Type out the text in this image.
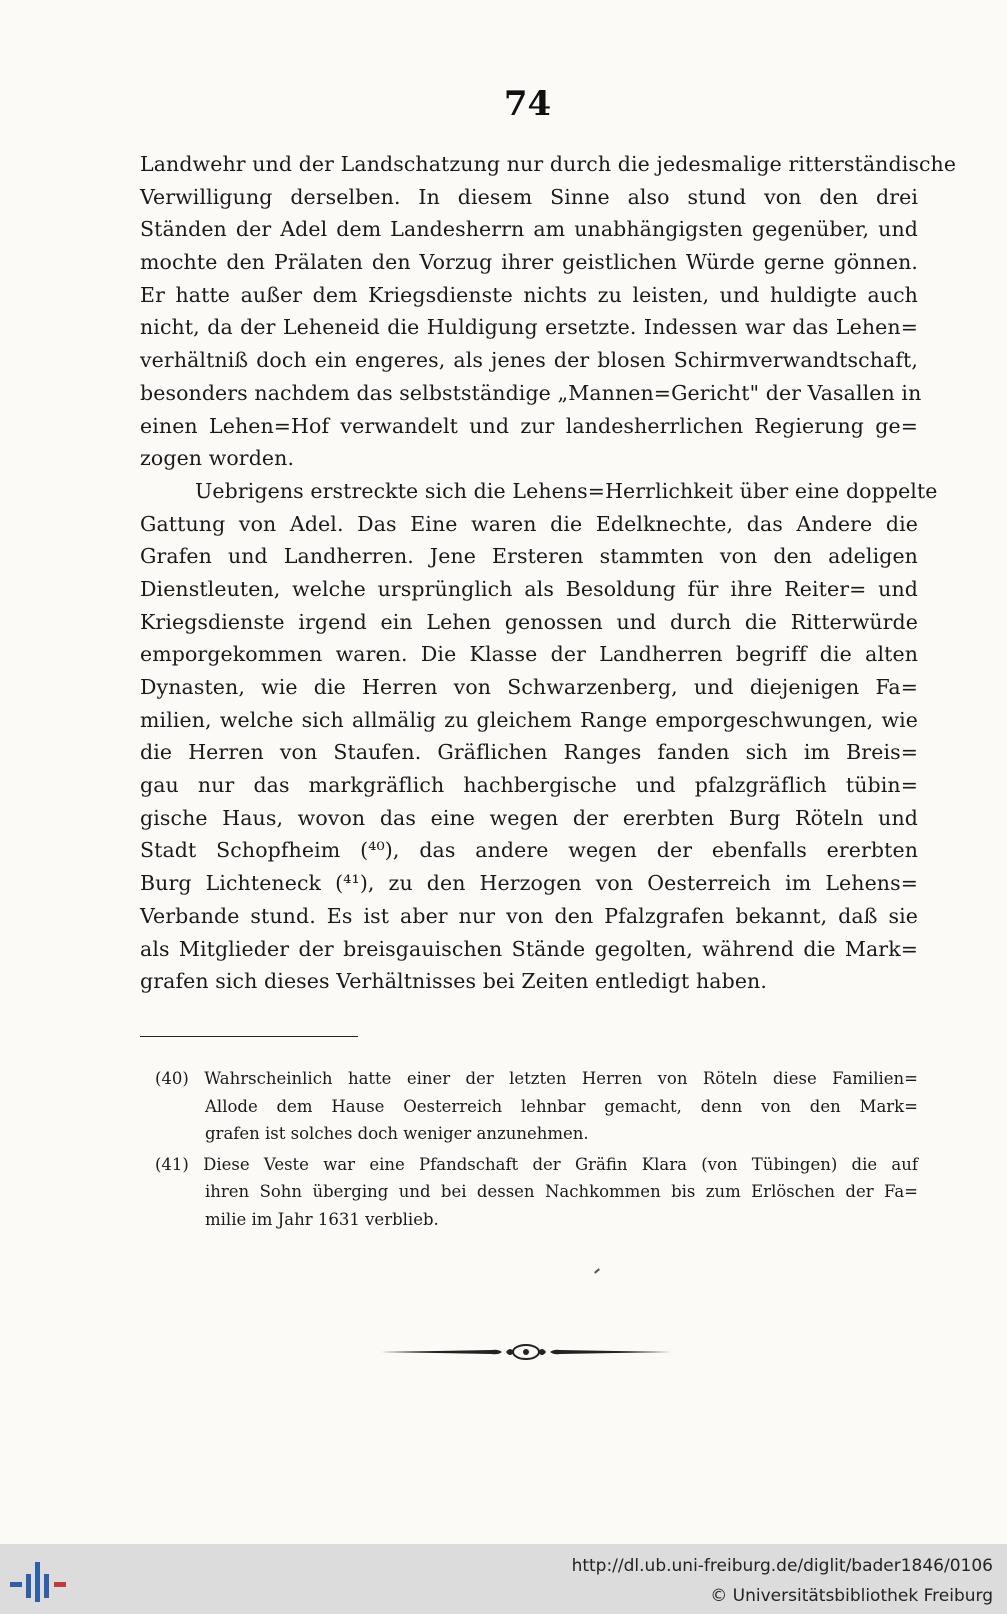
74
Landwehr und der Landschatzung nur durch die jedesmalige ritterständische
Verwilligung derselben. In diesem Sinne also stund von den drei
Ständen der Adel dem Landesherrn am unabhängigsten gegenüber, und
mochte den Prälaten den Vorzug ihrer geistlichen Würde gerne gönnen.
Er hatte außer dem Kriegsdienste nichts zu leisten, und huldigte auch
nicht, da der Leheneid die Huldigung ersetzte. Indessen war das Lehen=
verhältniß doch ein engeres, als jenes der blosen Schirmverwandtschaft,
besonders nachdem das selbstständige „Mannen=Gericht" der Vasallen in
einen Lehen=Hof verwandelt und zur landesherrlichen Regierung ge=
zogen worden.
Uebrigens erstreckte sich die Lehens=Herrlichkeit über eine doppelte
Gattung von Adel. Das Eine waren die Edelknechte, das Andere die
Grafen und Landherren. Jene Ersteren stammten von den adeligen
Dienstleuten, welche ursprünglich als Besoldung für ihre Reiter= und
Kriegsdienste irgend ein Lehen genossen und durch die Ritterwürde
emporgekommen waren. Die Klasse der Landherren begriff die alten
Dynasten, wie die Herren von Schwarzenberg, und diejenigen Fa=
milien, welche sich allmälig zu gleichem Range emporgeschwungen, wie
die Herren von Staufen. Gräflichen Ranges fanden sich im Breis=
gau nur das markgräflich hachbergische und pfalzgräflich tübin=
gische Haus, wovon das eine wegen der ererbten Burg Röteln und
Stadt Schopfheim (⁴⁰), das andere wegen der ebenfalls ererbten
Burg Lichteneck (⁴¹), zu den Herzogen von Oesterreich im Lehens=
Verbande stund. Es ist aber nur von den Pfalzgrafen bekannt, daß sie
als Mitglieder der breisgauischen Stände gegolten, während die Mark=
grafen sich dieses Verhältnisses bei Zeiten entledigt haben.
(40) Wahrscheinlich hatte einer der letzten Herren von Röteln diese Familien=
Allode dem Hause Oesterreich lehnbar gemacht, denn von den Mark=
grafen ist solches doch weniger anzunehmen.
(41) Diese Veste war eine Pfandschaft der Gräfin Klara (von Tübingen) die auf
ihren Sohn überging und bei dessen Nachkommen bis zum Erlöschen der Fa=
milie im Jahr 1631 verblieb.
http://dl.ub.uni-freiburg.de/diglit/bader1846/0106
© Universitätsbibliothek Freiburg
